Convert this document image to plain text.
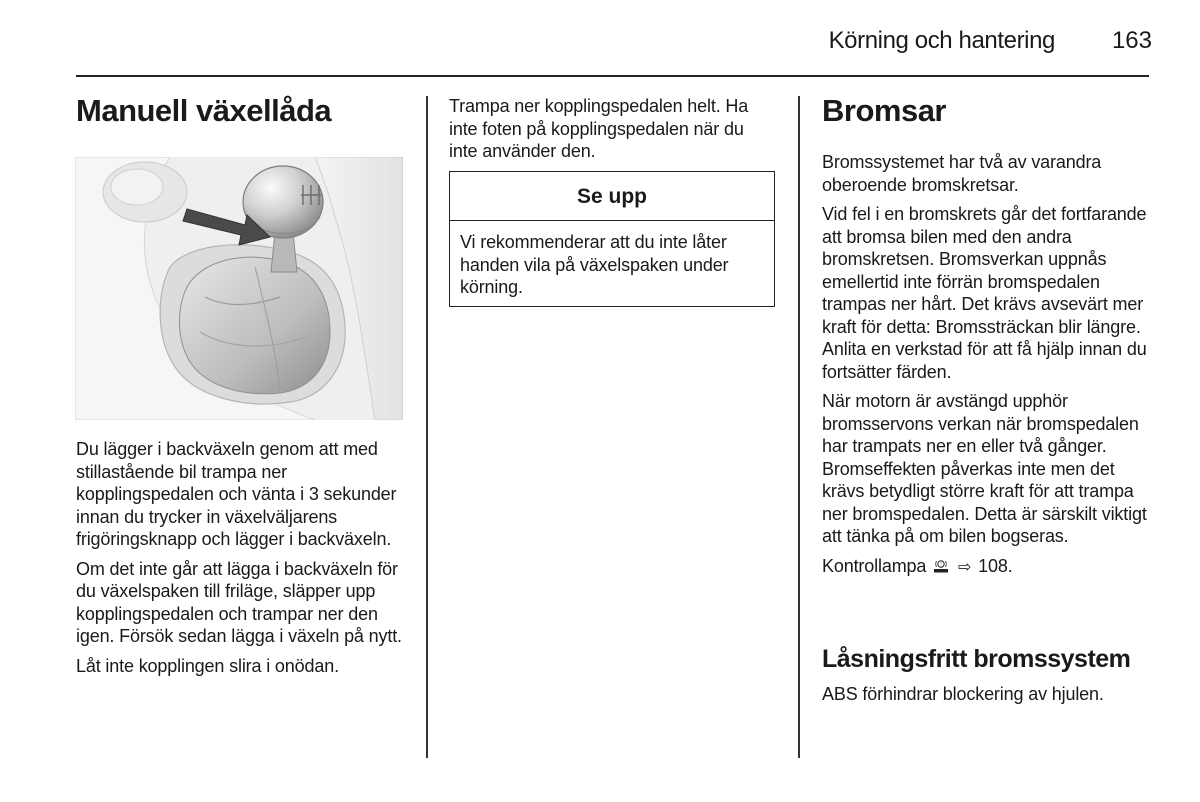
Körning och hantering	163
Manuell växellåda

Du lägger i backväxeln genom att med stillastående bil trampa ner kopplingspedalen och vänta i 3 sekunder innan du trycker in växelväljarens frigöringsknapp och lägger i backväxeln.

Om det inte går att lägga i backväxeln för du växelspaken till friläge, släpper upp kopplingspedalen och trampar ner den igen. Försök sedan lägga i växeln på nytt.

Låt inte kopplingen slira i onödan.

Trampa ner kopplingspedalen helt. Ha inte foten på kopplingspedalen när du inte använder den.
Se upp
Vi rekommenderar att du inte låter handen vila på växelspaken under körning.
Bromsar

Bromssystemet har två av varandra oberoende bromskretsar.

Vid fel i en bromskrets går det fortfarande att bromsa bilen med den andra bromskretsen. Bromsverkan uppnås emellertid inte förrän bromspedalen trampas ner hårt. Det krävs avsevärt mer kraft för detta: Bromssträckan blir längre. Anlita en verkstad för att få hjälp innan du fortsätter färden.

När motorn är avstängd upphör bromsservons verkan när bromspedalen har trampats ner en eller två gånger. Bromseffekten påverkas inte men det krävs betydligt större kraft för att trampa ner bromspedalen. Detta är särskilt viktigt att tänka på om bilen bogseras.

Kontrollampa	! ⇨ 108.

Låsningsfritt bromssystem
ABS förhindrar blockering av hjulen.
